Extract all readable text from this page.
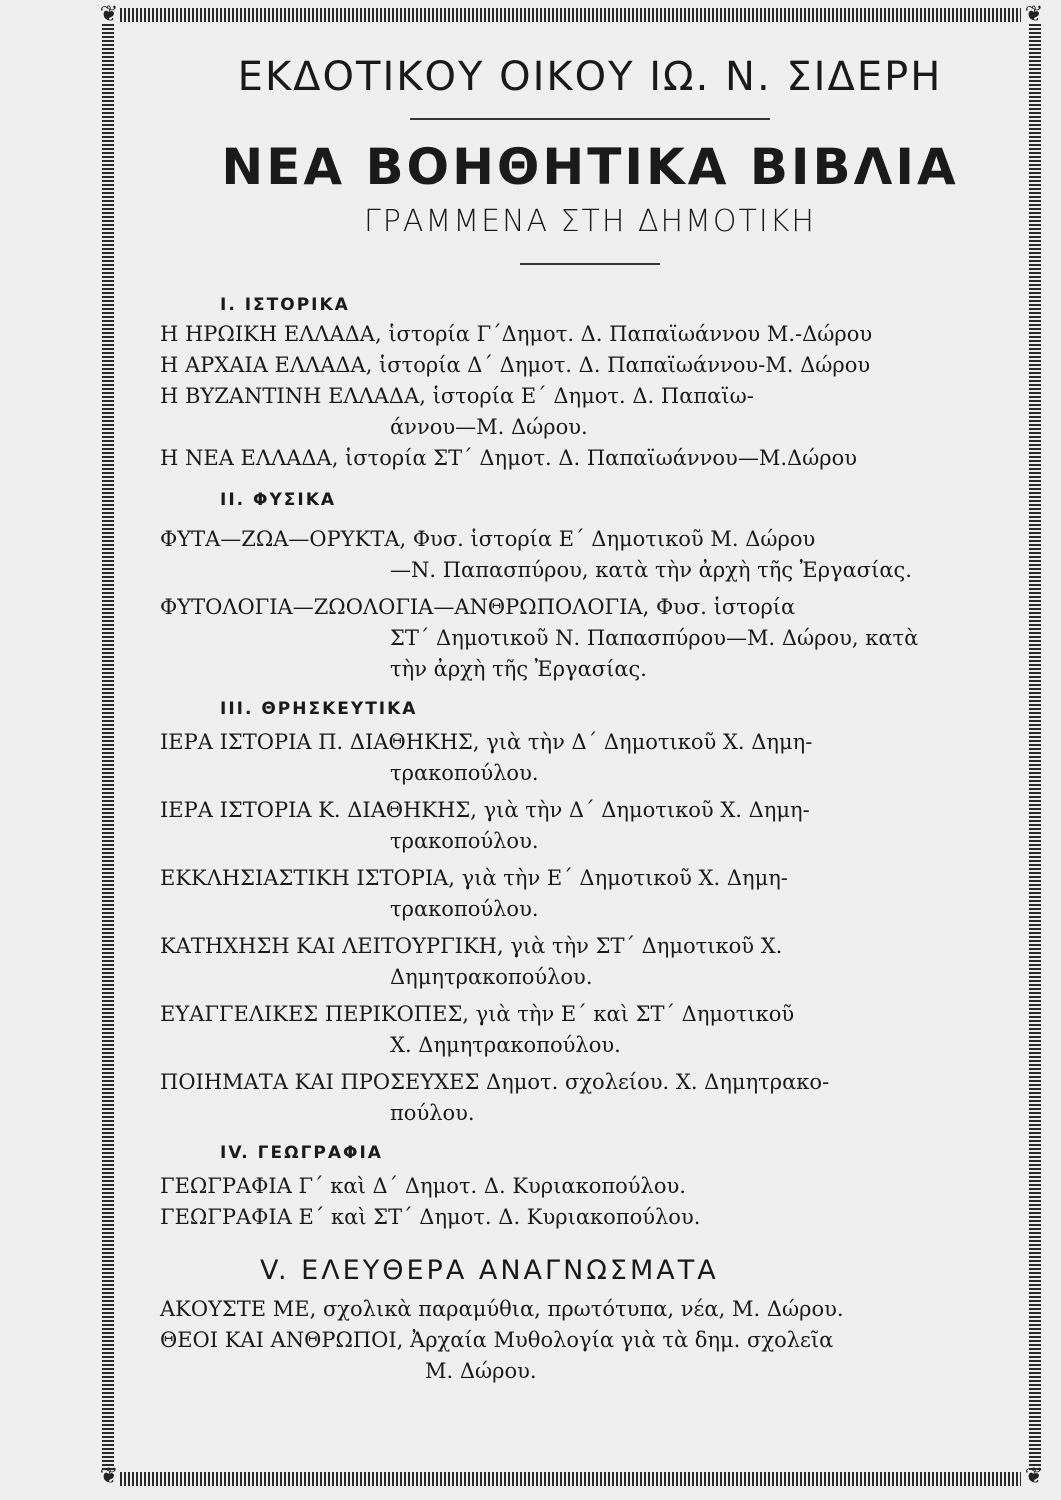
❦	❦
❦	❦
ΕΚΔΟΤΙΚΟΥ ΟΙΚΟΥ ΙΩ. Ν. ΣΙΔΕΡΗ
ΝΕΑ ΒΟΗΘΗΤΙΚΑ ΒΙΒΛΙΑ
ΓΡΑΜΜΕΝΑ ΣΤΗ ΔΗΜΟΤΙΚΗ
Ι. ΙΣΤΟΡΙΚΑ
Η ΗΡΩΙΚΗ ΕΛΛΑΔΑ, ἱστορία Γ΄Δημοτ. Δ. Παπαϊωάννου Μ.-Δώρου
Η ΑΡΧΑΙΑ ΕΛΛΑΔΑ, ἱστορία Δ΄ Δημοτ. Δ. Παπαϊωάννου-Μ. Δώρου
Η ΒΥΖΑΝΤΙΝΗ ΕΛΛΑΔΑ, ἱστορία Ε΄ Δημοτ. Δ. Παπαϊω-
άννου—Μ. Δώρου.
Η ΝΕΑ ΕΛΛΑΔΑ, ἱστορία ΣΤ΄ Δημοτ. Δ. Παπαϊωάννου—Μ.Δώρου
ΙΙ. ΦΥΣΙΚΑ
ΦΥΤΑ—ΖΩΑ—ΟΡΥΚΤΑ, Φυσ. ἱστορία Ε΄ Δημοτικοῦ Μ. Δώρου
—Ν. Παπασπύρου, κατὰ τὴν ἀρχὴ τῆς Ἐργασίας.
ΦΥΤΟΛΟΓΙΑ—ΖΩΟΛΟΓΙΑ—ΑΝΘΡΩΠΟΛΟΓΙΑ, Φυσ. ἱστορία
ΣΤ΄ Δημοτικοῦ Ν. Παπασπύρου—Μ. Δώρου, κατὰ
τὴν ἀρχὴ τῆς Ἐργασίας.
ΙΙΙ. ΘΡΗΣΚΕΥΤΙΚΑ
ΙΕΡΑ ΙΣΤΟΡΙΑ Π. ΔΙΑΘΗΚΗΣ, γιὰ τὴν Δ΄ Δημοτικοῦ Χ. Δημη-
τρακοπούλου.
ΙΕΡΑ ΙΣΤΟΡΙΑ Κ. ΔΙΑΘΗΚΗΣ, γιὰ τὴν Δ΄ Δημοτικοῦ Χ. Δημη-
τρακοπούλου.
ΕΚΚΛΗΣΙΑΣΤΙΚΗ ΙΣΤΟΡΙΑ, γιὰ τὴν Ε΄ Δημοτικοῦ Χ. Δημη-
τρακοπούλου.
ΚΑΤΗΧΗΣΗ ΚΑΙ ΛΕΙΤΟΥΡΓΙΚΗ, γιὰ τὴν ΣΤ΄ Δημοτικοῦ Χ.
Δημητρακοπούλου.
ΕΥΑΓΓΕΛΙΚΕΣ ΠΕΡΙΚΟΠΕΣ, γιὰ τὴν Ε΄ καὶ ΣΤ΄ Δημοτικοῦ
Χ. Δημητρακοπούλου.
ΠΟΙΗΜΑΤΑ ΚΑΙ ΠΡΟΣΕΥΧΕΣ Δημοτ. σχολείου. Χ. Δημητρακο-
πούλου.
ΙV. ΓΕΩΓΡΑΦΙΑ
ΓΕΩΓΡΑΦΙΑ Γ΄ καὶ Δ΄ Δημοτ. Δ. Κυριακοπούλου.
ΓΕΩΓΡΑΦΙΑ Ε΄ καὶ ΣΤ΄ Δημοτ. Δ. Κυριακοπούλου.
V. ΕΛΕΥΘΕΡΑ ΑΝΑΓΝΩΣΜΑΤΑ
ΑΚΟΥΣΤΕ ΜΕ, σχολικὰ παραμύθια, πρωτότυπα, νέα, Μ. Δώρου.
ΘΕΟΙ ΚΑΙ ΑΝΘΡΩΠΟΙ, Ἀρχαία Μυθολογία γιὰ τὰ δημ. σχολεῖα
Μ. Δώρου.
